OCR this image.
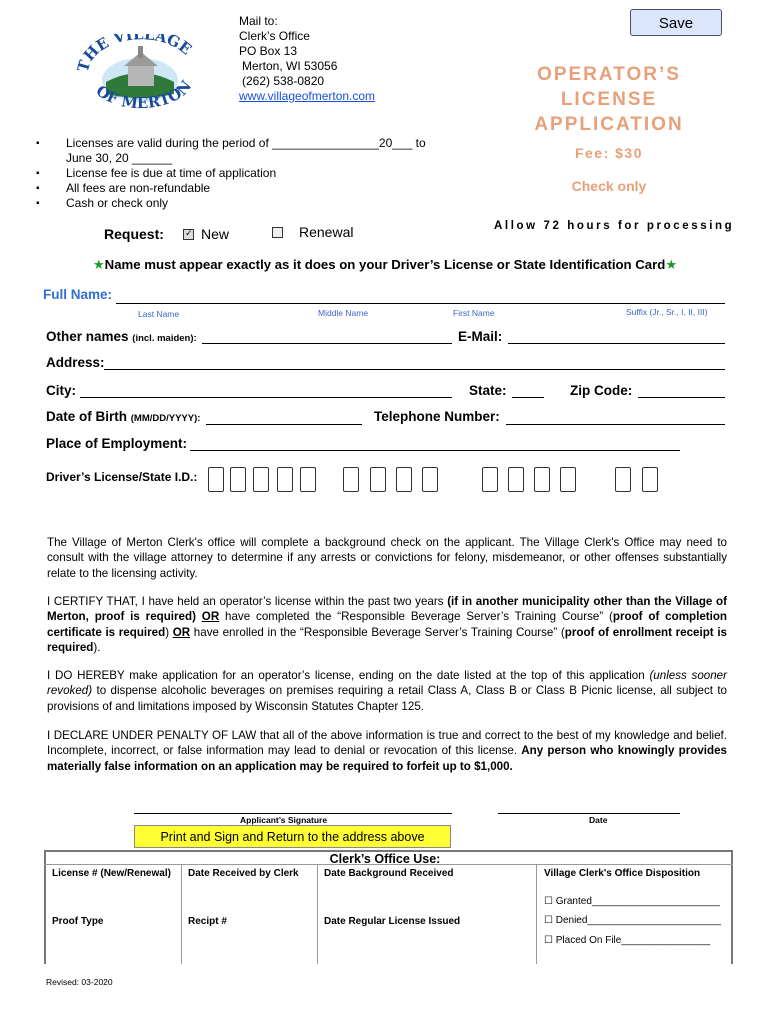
HE VILLAGE
OF MERTON
Mail to:
Clerk’s Office
PO Box 13
Merton, WI 53056
(262) 538-0820
www.villageofmerton.com
Save
OPERATOR’S
LICENSE
APPLICATION
Fee: $30
Check only
Allow 72 hours for processing
▪ Licenses are valid during the period of ________________20___ to
June 30, 20 ______
▪ License fee is due at time of application
▪ All fees are non-refundable
▪ Cash or check only
Request:
✓	New	Renewal
★Name must appear exactly as it does on your Driver’s License or State Identification Card★
Full Name:
Last Name	Middle Name	First Name	Suffix (Jr., Sr., I, II, III)
Other names (incl. maiden):	E-Mail:
Address:
City:	State:	Zip Code:
Date of Birth (MM/DD/YYYY):	Telephone Number:
Place of Employment:
Driver’s License/State I.D.:
The Village of Merton Clerk's office will complete a background check on the applicant. The Village Clerk's Office may need to consult with the village attorney to determine if any arrests or convictions for felony, misdemeanor, or other offenses substantially relate to the licensing activity.
I CERTIFY THAT, I have held an operator’s license within the past two years (if in another municipality other than the Village of Merton, proof is required) OR have completed the “Responsible Beverage Server’s Training Course” (proof of completion certificate is required) OR have enrolled in the “Responsible Beverage Server’s Training Course” (proof of enrollment receipt is required).
I DO HEREBY make application for an operator’s license, ending on the date listed at the top of this application (unless sooner revoked) to dispense alcoholic beverages on premises requiring a retail Class A, Class B or Class B Picnic license, all subject to provisions of and limitations imposed by Wisconsin Statutes Chapter 125.
I DECLARE UNDER PENALTY OF LAW that all of the above information is true and correct to the best of my knowledge and belief. Incomplete, incorrect, or false information may lead to denial or revocation of this license. Any person who knowingly provides materially false information on an application may be required to forfeit up to $1,000.
Applicant’s Signature	Date
Print and Sign and Return to the address above
Clerk’s Office Use:
License # (New/Renewal) Date Received by Clerk	Date Background Received	Village Clerk's Office Disposition
☐ Granted_______________________
☐ Denied________________________
☐ Placed On File________________
Proof Type	Recipt #	Date Regular License Issued
Revised: 03-2020
